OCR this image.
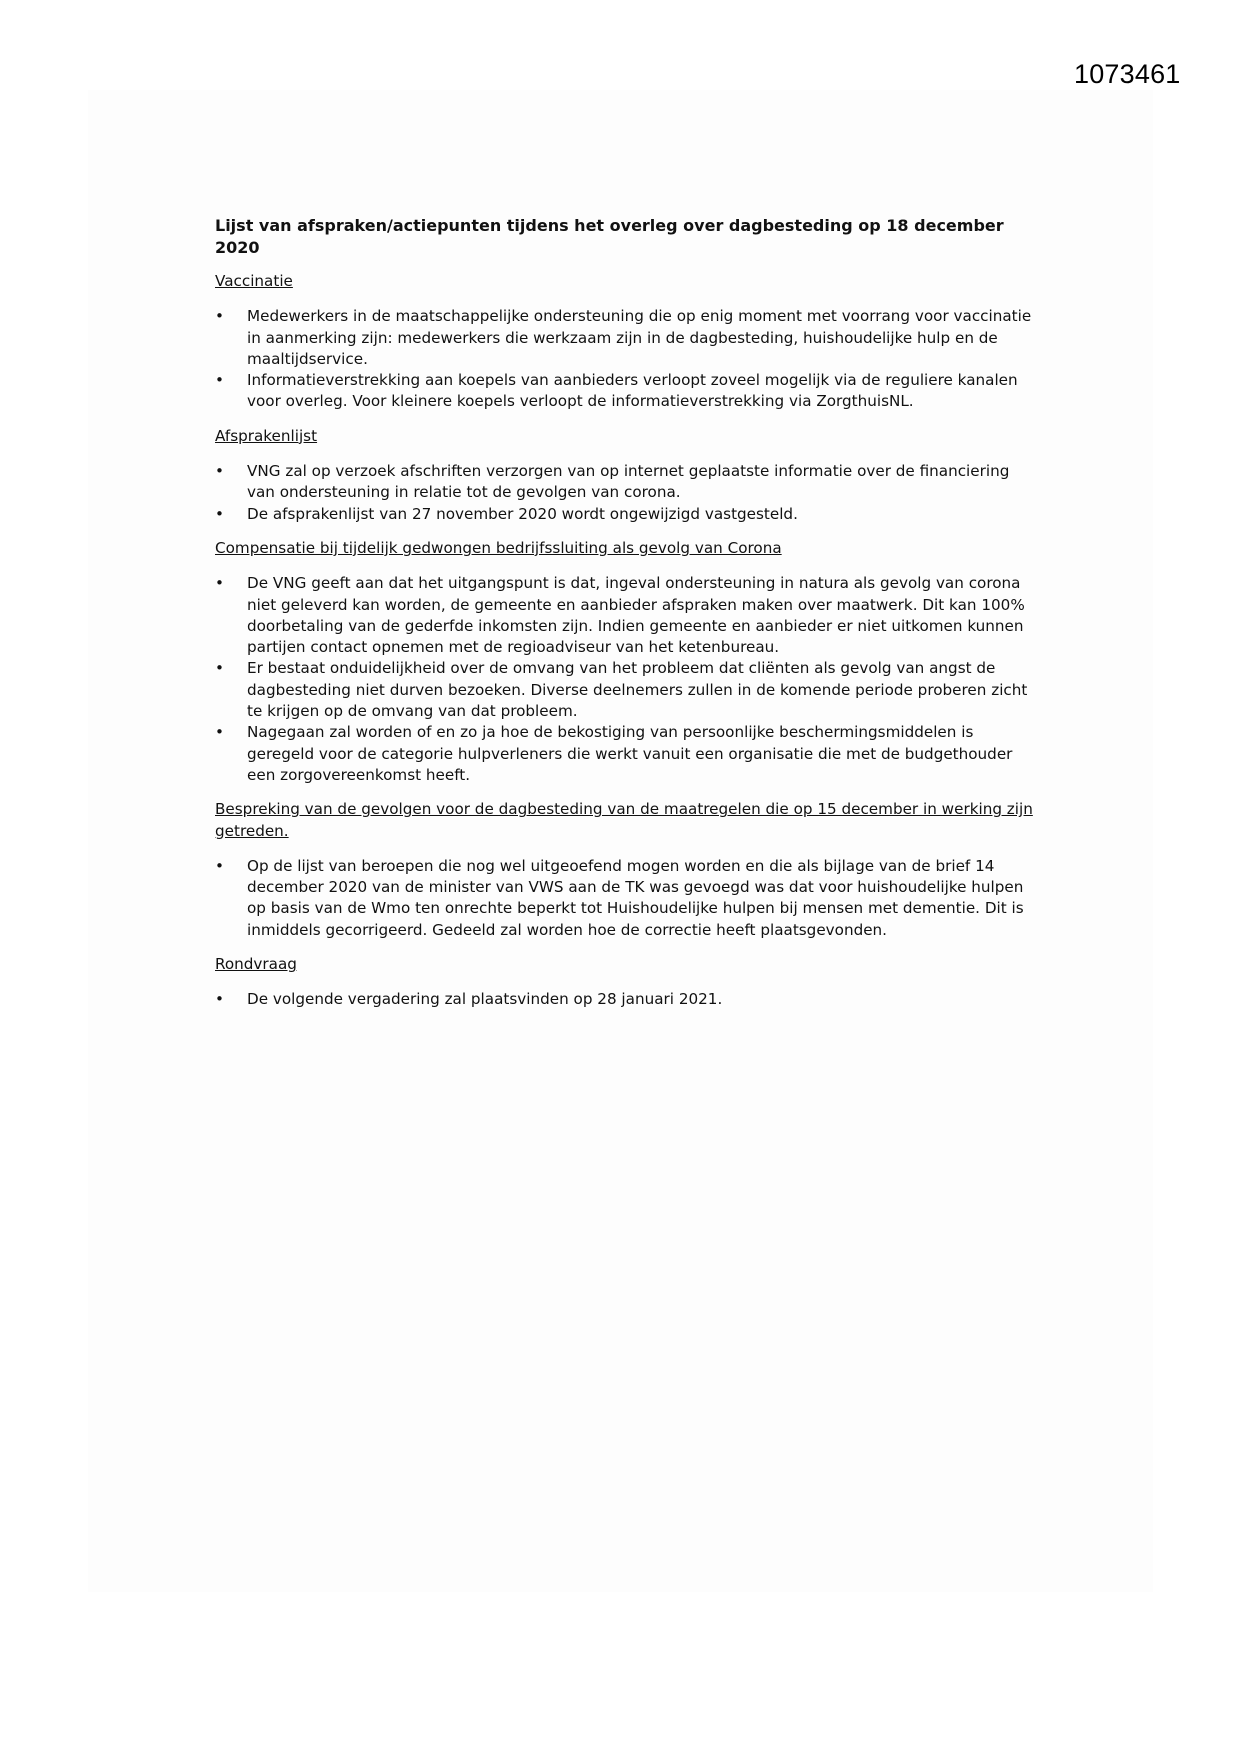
1073461
Lijst van afspraken/actiepunten tijdens het overleg over dagbesteding op 18 december 2020
Vaccinatie
• Medewerkers in de maatschappelijke ondersteuning die op enig moment met voorrang voor vaccinatie in aanmerking zijn: medewerkers die werkzaam zijn in de dagbesteding, huishoudelijke hulp en de maaltijdservice.
• Informatieverstrekking aan koepels van aanbieders verloopt zoveel mogelijk via de reguliere kanalen voor overleg. Voor kleinere koepels verloopt de informatieverstrekking via ZorgthuisNL.
Afsprakenlijst
• VNG zal op verzoek afschriften verzorgen van op internet geplaatste informatie over de financiering van ondersteuning in relatie tot de gevolgen van corona.
• De afsprakenlijst van 27 november 2020 wordt ongewijzigd vastgesteld.
Compensatie bij tijdelijk gedwongen bedrijfssluiting als gevolg van Corona
• De VNG geeft aan dat het uitgangspunt is dat, ingeval ondersteuning in natura als gevolg van corona niet geleverd kan worden, de gemeente en aanbieder afspraken maken over maatwerk. Dit kan 100% doorbetaling van de gederfde inkomsten zijn. Indien gemeente en aanbieder er niet uitkomen kunnen partijen contact opnemen met de regioadviseur van het ketenbureau.
• Er bestaat onduidelijkheid over de omvang van het probleem dat cliënten als gevolg van angst de dagbesteding niet durven bezoeken. Diverse deelnemers zullen in de komende periode proberen zicht te krijgen op de omvang van dat probleem.
• Nagegaan zal worden of en zo ja hoe de bekostiging van persoonlijke beschermingsmiddelen is geregeld voor de categorie hulpverleners die werkt vanuit een organisatie die met de budgethouder een zorgovereenkomst heeft.
Bespreking van de gevolgen voor de dagbesteding van de maatregelen die op 15 december in werking zijn getreden.
• Op de lijst van beroepen die nog wel uitgeoefend mogen worden en die als bijlage van de brief 14 december 2020 van de minister van VWS aan de TK was gevoegd was dat voor huishoudelijke hulpen op basis van de Wmo ten onrechte beperkt tot Huishoudelijke hulpen bij mensen met dementie. Dit is inmiddels gecorrigeerd. Gedeeld zal worden hoe de correctie heeft plaatsgevonden.
Rondvraag
• De volgende vergadering zal plaatsvinden op 28 januari 2021.
